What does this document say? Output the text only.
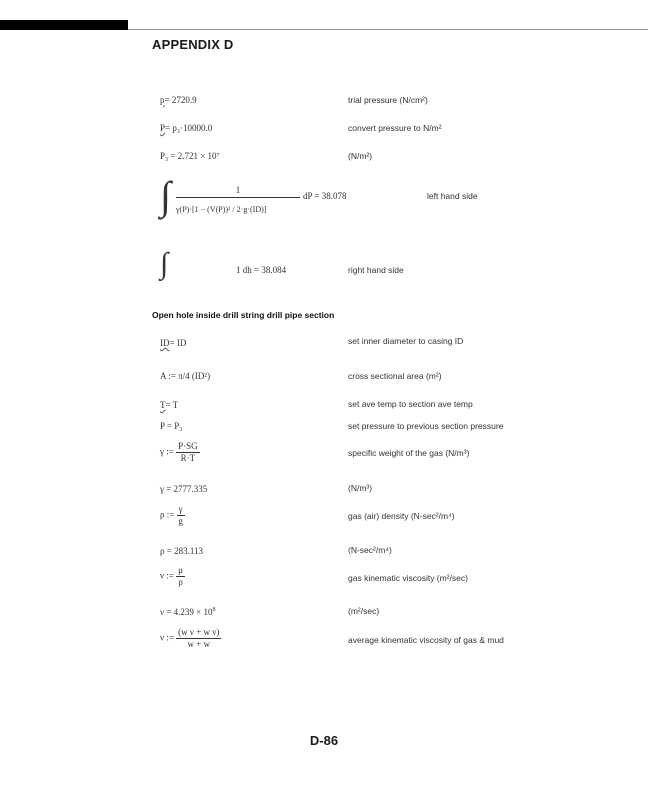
APPENDIX D
p= 2720.9	trial pressure (N/cm²)
P= p₃·10000.0	convert pressure to N/m²
P₃ = 2.721 × 10⁷	(N/m²)
∫	1
γ(P)·[1 − (V(P))² / 2·g·(ID)]
dP = 38.078	left hand side
∫	1 dh = 38.084	right hand side
Open hole inside drill string drill pipe section
ID= ID	set inner diameter to casing ID
A := π/4 (ID²)	cross sectional area (m²)
T= T	set ave temp to section ave temp
P = P₃	set pressure to previous section pressure
γ := $\frac{P\cdot SG}{R\cdot T}$	specific weight of the gas (N/m³)
γ = 2777.335	(N/m³)
ρ := $\frac{\gamma}{g}$	gas (air) density (N-sec²/m⁴)
ρ = 283.113	(N-sec²/m⁴)
ν := $\frac{\mu}{\rho}$	gas kinematic viscosity (m²/sec)
$\nu = 4.239 \times 10^8$	(m²/sec)
ν := $\frac{\text{(w ν + w ν)}}{w + w}$	average kinematic viscosity of gas & mud
D-86
